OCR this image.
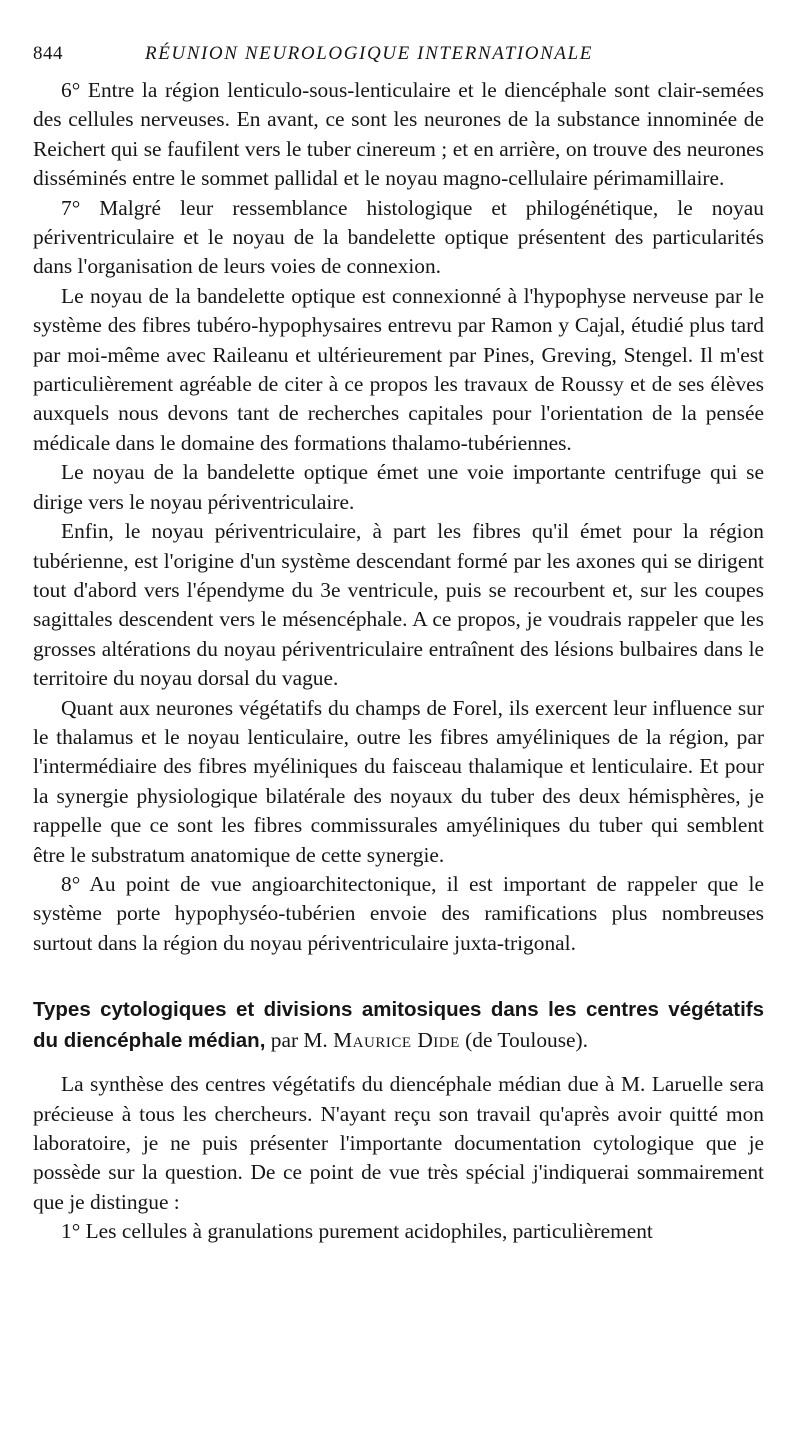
844	RÉUNION NEUROLOGIQUE INTERNATIONALE

6° Entre la région lenticulo-sous-lenticulaire et le diencéphale sont clair-semées des cellules nerveuses. En avant, ce sont les neurones de la substance innominée de Reichert qui se faufilent vers le tuber cinereum ; et en arrière, on trouve des neurones disséminés entre le sommet pallidal et le noyau magno-cellulaire périmamillaire.

7° Malgré leur ressemblance histologique et philogénétique, le noyau périventriculaire et le noyau de la bandelette optique présentent des particularités dans l'organisation de leurs voies de connexion.

Le noyau de la bandelette optique est connexionné à l'hypophyse nerveuse par le système des fibres tubéro-hypophysaires entrevu par Ramon y Cajal, étudié plus tard par moi-même avec Raileanu et ultérieurement par Pines, Greving, Stengel. Il m'est particulièrement agréable de citer à ce propos les travaux de Roussy et de ses élèves auxquels nous devons tant de recherches capitales pour l'orientation de la pensée médicale dans le domaine des formations thalamo-tubériennes.

Le noyau de la bandelette optique émet une voie importante centrifuge qui se dirige vers le noyau périventriculaire.

Enfin, le noyau périventriculaire, à part les fibres qu'il émet pour la région tubérienne, est l'origine d'un système descendant formé par les axones qui se dirigent tout d'abord vers l'épendyme du 3e ventricule, puis se recourbent et, sur les coupes sagittales descendent vers le mésencéphale. A ce propos, je voudrais rappeler que les grosses altérations du noyau périventriculaire entraînent des lésions bulbaires dans le territoire du noyau dorsal du vague.

Quant aux neurones végétatifs du champs de Forel, ils exercent leur influence sur le thalamus et le noyau lenticulaire, outre les fibres amyéliniques de la région, par l'intermédiaire des fibres myéliniques du faisceau thalamique et lenticulaire. Et pour la synergie physiologique bilatérale des noyaux du tuber des deux hémisphères, je rappelle que ce sont les fibres commissurales amyéliniques du tuber qui semblent être le substratum anatomique de cette synergie.

8° Au point de vue angioarchitectonique, il est important de rappeler que le système porte hypophyséo-tubérien envoie des ramifications plus nombreuses surtout dans la région du noyau périventriculaire juxta-trigonal.

Types cytologiques et divisions amitosiques dans les centres végétatifs du diencéphale médian, par M. Maurice Dide (de Toulouse).

La synthèse des centres végétatifs du diencéphale médian due à M. Laruelle sera précieuse à tous les chercheurs. N'ayant reçu son travail qu'après avoir quitté mon laboratoire, je ne puis présenter l'importante documentation cytologique que je possède sur la question. De ce point de vue très spécial j'indiquerai sommairement que je distingue :

1° Les cellules à granulations purement acidophiles, particulièrement
